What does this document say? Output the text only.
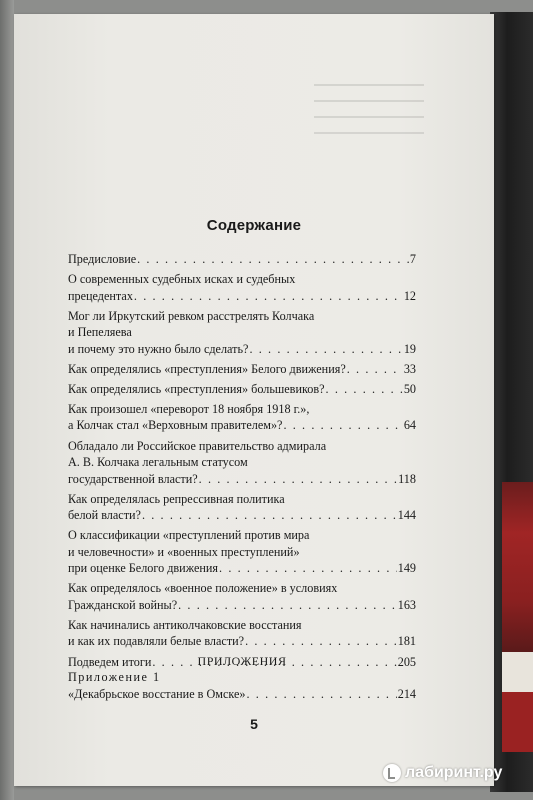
Содержание
Предисловие . . .	7
О современных судебных исках и судебных
прецедентах . . .	12
Мог ли Иркутский ревком расстрелять Колчака
и Пепеляева
и почему это нужно было сделать? . . .	19
Как определялись «преступления» Белого движения? . . .	33
Как определялись «преступления» большевиков? . . .	50
Как произошел «переворот 18 ноября 1918 г.»,
а Колчак стал «Верховным правителем»? . . .	64
Обладало ли Российское правительство адмирала
А. В. Колчака легальным статусом
государственной власти? . . .	118
Как определялась репрессивная политика
белой власти? . . .	144
О классификации «преступлений против мира
и человечности» и «военных преступлений»
при оценке Белого движения . . .	149
Как определялось «военное положение» в условиях
Гражданской войны? . . .	163
Как начинались антиколчаковские восстания
и как их подавляли белые власти? . . .	181
Подведем итоги . . .	205
ПРИЛОЖЕНИЯ
Приложение 1
«Декабрьское восстание в Омске» . . .	214
5
лабиринт.ру
